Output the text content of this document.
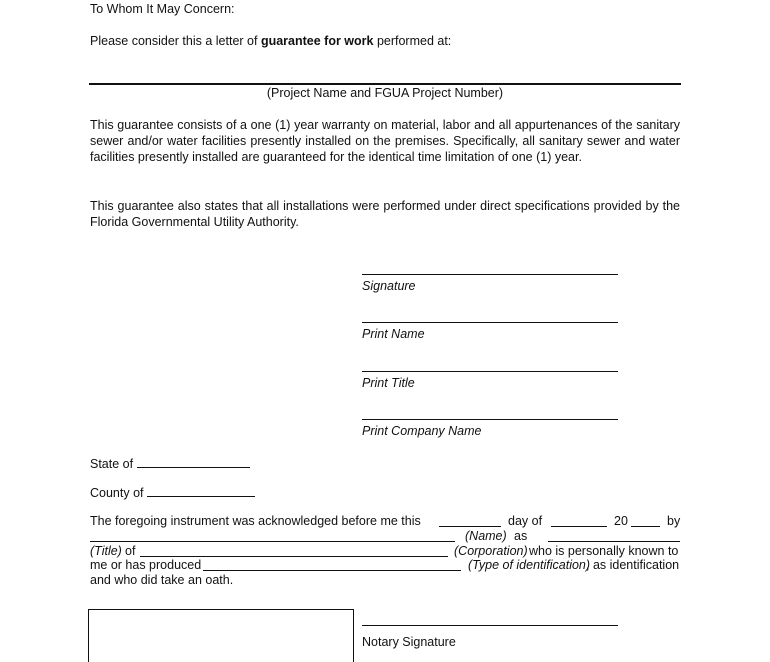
To Whom It May Concern:
Please consider this a letter of guarantee for work performed at:
(Project Name and FGUA Project Number)
This guarantee consists of a one (1) year warranty on material, labor and all appurtenances of the sanitary sewer and/or water facilities presently installed on the premises. Specifically, all sanitary sewer and water facilities presently installed are guaranteed for the identical time limitation of one (1) year.
This guarantee also states that all installations were performed under direct specifications provided by the Florida Governmental Utility Authority.
Signature
Print Name
Print Title
Print Company Name
State of
County of
The foregoing instrument was acknowledged before me this	day of	20	by
(Name) as
(Title) of	(Corporation) who is personally known to
me or has produced	(Type of identification)
, as identification
and who did take an oath.
Notary Signature
